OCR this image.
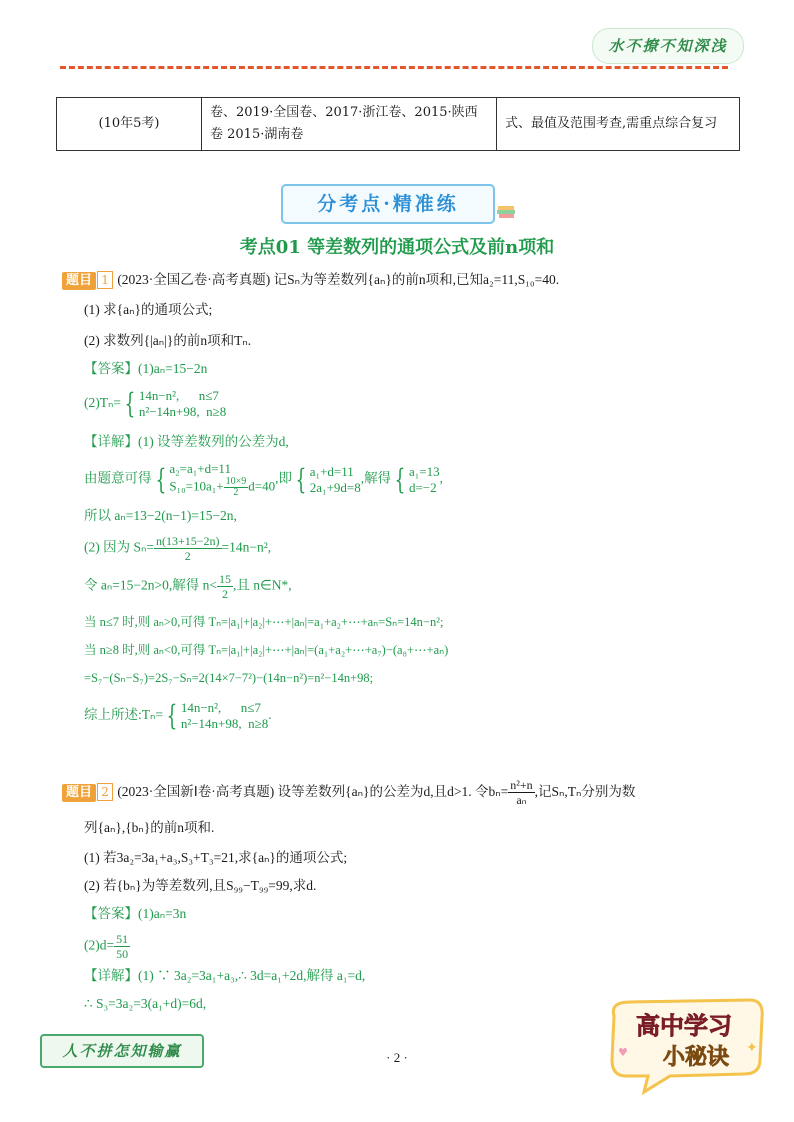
水不撩不知深浅
(10年5考)	卷、2019·全国卷、2017·浙江卷、2015·陕西卷 2015·湖南卷	式、最值及范围考查,需重点综合复习
分考点·精准练
考点01 等差数列的通项公式及前n项和
题目 1 (2023·全国乙卷·高考真题) 记Sₙ为等差数列{aₙ}的前n项和,已知a₂=11,S₁₀=40.
(1) 求{aₙ}的通项公式;
(2) 求数列{|aₙ|}的前n项和Tₙ.
【答案】(1)aₙ=15−2n
(2)Tₙ= { 14n−n²,      n≤7
n²−14n+98,  n≥8
【详解】(1) 设等差数列的公差为d,
由题意可得 { a₂=a₁+d=11
$S_{10}=10a_1+ \frac{10\times 9}{2} d=40$
,即 { a₁+d=11
2a₁+9d=8
,解得 { a₁=13
d=−2
,
所以 aₙ=13−2(n−1)=15−2n,
(2) 因为 $S_n= \frac{n(13+15-2n)}{2} =14n-n^2$,
令 aₙ=15−2n>0,解得 $n< \frac{15}{2}$ ,且 n∈N*,
当 n≤7 时,则 aₙ>0,可得 Tₙ=|a₁|+|a₂|+⋯+|aₙ|=a₁+a₂+⋯+aₙ=Sₙ=14n−n²;
当 n≥8 时,则 aₙ<0,可得 Tₙ=|a₁|+|a₂|+⋯+|aₙ|=(a₁+a₂+⋯+a₇)−(a₈+⋯+aₙ)
=S₇−(Sₙ−S₇)=2S₇−Sₙ=2(14×7−7²)−(14n−n²)=n²−14n+98;
综上所述:Tₙ= { 14n−n²,      n≤7
n²−14n+98,  n≥8
.
题目 2 (2023·全国新Ⅰ卷·高考真题) 设等差数列{aₙ}的公差为d,且d>1. 令$b_n= \frac{\text{n²+n}}{\text{aₙ}}$ ,记Sₙ,Tₙ分别为数
列{aₙ},{bₙ}的前n项和.
(1) 若3a₂=3a₁+a₃,S₃+T₃=21,求{aₙ}的通项公式;
(2) 若{bₙ}为等差数列,且S₉₉−T₉₉=99,求d.
【答案】(1)aₙ=3n
$(2)d= \frac{51}{50}$
【详解】(1) ∵ 3a₂=3a₁+a₃,∴ 3d=a₁+2d,解得 a₁=d,
∴ S₃=3a₂=3(a₁+d)=6d,
人不拼怎知输赢	· 2 ·
高中学习
小秘诀 ✦
♥
